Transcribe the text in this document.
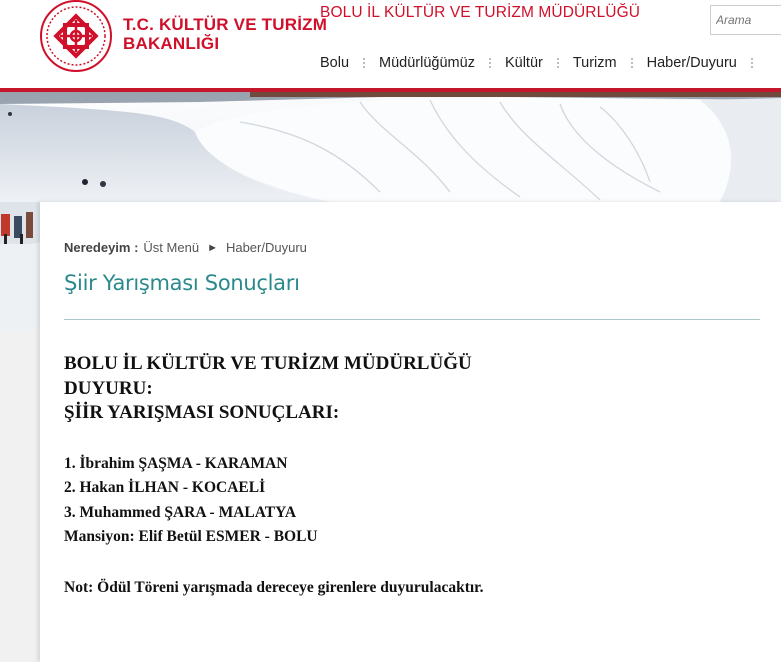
T.C. KÜLTÜR VE TURİZM
BAKANLIĞI
BOLU İL KÜLTÜR VE TURİZM MÜDÜRLÜĞÜ
Arama
Bolu Müdürlüğümüz Kültür Turizm Haber/Duyuru
Neredeyim : Üst Menü ► Haber/Duyuru
Şiir Yarışması Sonuçları

BOLU İL KÜLTÜR VE TURİZM MÜDÜRLÜĞÜ
DUYURU:
ŞİİR YARIŞMASI SONUÇLARI:

1. İbrahim ŞAŞMA - KARAMAN
2. Hakan İLHAN - KOCAELİ
3. Muhammed ŞARA - MALATYA
Mansiyon: Elif Betül ESMER - BOLU
Not: Ödül Töreni yarışmada dereceye girenlere duyurulacaktır.
